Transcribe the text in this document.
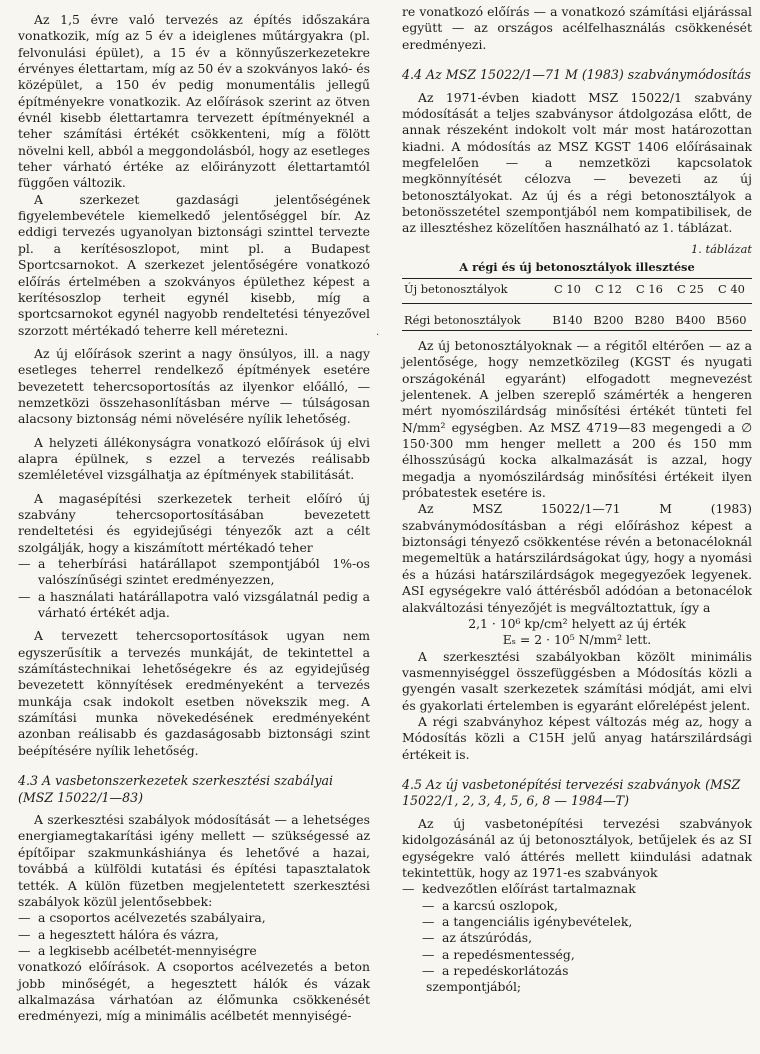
Az 1,5 évre való tervezés az építés időszakára vonatkozik, míg az 5 év a ideiglenes műtárgyakra (pl. felvonulási épület), a 15 év a könnyűszerkezetekre érvényes élettartam, míg az 50 év a szokványos lakó- és középület, a 150 év pedig monumentális jellegű építményekre vonatkozik. Az előírások szerint az ötven évnél kisebb élettartamra tervezett építményeknél a teher számítási értékét csökkenteni, míg a fölött növelni kell, abból a meggondolásból, hogy az esetleges teher várható értéke az előirányzott élettartamtól függően változik.

A szerkezet gazdasági jelentőségének figyelembevétele kiemelkedő jelentőséggel bír. Az eddigi tervezés ugyanolyan biztonsági szinttel tervezte pl. a kerítésoszlopot, mint pl. a Budapest Sportcsarnokot. A szerkezet jelentőségére vonatkozó előírás értelmében a szokványos épülethez képest a kerítésoszlop terheit egynél kisebb, míg a sportcsarnokot egynél nagyobb rendeltetési tényezővel szorzott mértékadó teherre kell méretezni.

Az új előírások szerint a nagy önsúlyos, ill. a nagy esetleges teherrel rendelkező építmények esetére bevezetett tehercsoportosítás az ilyenkor előálló, — nemzetközi összehasonlításban mérve — túlságosan alacsony biztonság némi növelésére nyílik lehetőség.

A helyzeti állékonyságra vonatkozó előírások új elvi alapra épülnek, s ezzel a tervezés reálisabb szemléletével vizsgálhatja az építmények stabilitását.

A magasépítési szerkezetek terheit előíró új szabvány tehercsoportosításában bevezetett rendeltetési és egyidejűségi tényezők azt a célt szolgálják, hogy a kiszámított mértékadó teher

— a teherbírási határállapot szempontjából 1%-os valószínűségi szintet eredményezzen,
— a használati határállapotra való vizsgálatnál pedig a várható értékét adja.

A tervezett tehercsoportosítások ugyan nem egyszerűsítik a tervezés munkáját, de tekintettel a számítástechnikai lehetőségekre és az egyidejűség bevezetett könnyítések eredményeként a tervezés munkája csak indokolt esetben növekszik meg. A számítási munka növekedésének eredményeként azonban reálisabb és gazdaságosabb biztonsági szint beépítésére nyílik lehetőség.

4.3 A vasbetonszerkezetek szerkesztési szabályai (MSZ 15022/1—83)

A szerkesztési szabályok módosítását — a lehetséges energiamegtakarítási igény mellett — szükségessé az építőipar szakmunkáshiánya és lehetővé a hazai, továbbá a külföldi kutatási és építési tapasztalatok tették. A külön füzetben megjelentetett szerkesztési szabályok közül jelentősebbek:

— a csoportos acélvezetés szabályaira,
— a hegesztett hálóra és vázra,
— a legkisebb acélbetét-mennyiségre

vonatkozó előírások. A csoportos acélvezetés a beton jobb minőségét, a hegesztett hálók és vázak alkalmazása várhatóan az élőmunka csökkenését eredményezi, míg a minimális acélbetét mennyiségé-

·

re vonatkozó előírás — a vonatkozó számítási eljárással együtt — az országos acélfelhasználás csökkenését eredményezi.

4.4 Az MSZ 15022/1—71 M (1983) szabványmódosítás

Az 1971-évben kiadott MSZ 15022/1 szabvány módosítását a teljes szabványsor átdolgozása előtt, de annak részeként indokolt volt már most határozottan kiadni. A módosítás az MSZ KGST 1406 előírásainak megfelelően — a nemzetközi kapcsolatok megkönnyítését célozva — bevezeti az új betonosztályokat. Az új és a régi betonosztályok a betonösszetétel szempontjából nem kompatibilisek, de az illesztéshez közelítően használható az 1. táblázat.

1. táblázat
A régi és új betonosztályok illesztése
Új betonosztályok	C 10	C 12	C 16	C 25	C 40
Régi betonosztályok	B140	B200	B280	B400	B560

Az új betonosztályoknak — a régitől eltérően — az a jelentősége, hogy nemzetközileg (KGST és nyugati országokénál egyaránt) elfogadott megnevezést jelentenek. A jelben szereplő számérték a hengeren mért nyomószilárdság minősítési értékét tünteti fel N/mm² egységben. Az MSZ 4719—83 megengedi a ∅ 150·300 mm henger mellett a 200 és 150 mm élhosszúságú kocka alkalmazását is azzal, hogy megadja a nyomószilárdság minősítési értékeit ilyen próbatestek esetére is.

Az MSZ 15022/1—71 M (1983) szabványmódosításban a régi előíráshoz képest a biztonsági tényező csökkentése révén a betonacéloknál megemeltük a határszilárdságokat úgy, hogy a nyomási és a húzási határszilárdságok megegyezőek legyenek. ASI egységekre való áttérésből adódóan a betonacélok alakváltozási tényezőjét is megváltoztattuk, így a

2,1 · 10⁶ kp/cm² helyett az új érték

Eₛ = 2 · 10⁵ N/mm² lett.

A szerkesztési szabályokban közölt minimális vasmennyiséggel összefüggésben a Módosítás közli a gyengén vasalt szerkezetek számítási módját, ami elvi és gyakorlati értelemben is egyaránt előrelépést jelent.

A régi szabványhoz képest változás még az, hogy a Módosítás közli a C15H jelű anyag határszilárdsági értékeit is.

4.5 Az új vasbetonépítési tervezési szabványok (MSZ 15022/1, 2, 3, 4, 5, 6, 8 — 1984—T)

Az új vasbetonépítési tervezési szabványok kidolgozásánál az új betonosztályok, betűjelek és az SI egységekre való áttérés mellett kiindulási adatnak tekintettük, hogy az 1971-es szabványok

— kedvezőtlen előírást tartalmaznak
— a karcsú oszlopok,
— a tangenciális igénybevételek,
— az átszúródás,
— a repedésmentesség,
— a repedéskorlátozás

szempontjából;
